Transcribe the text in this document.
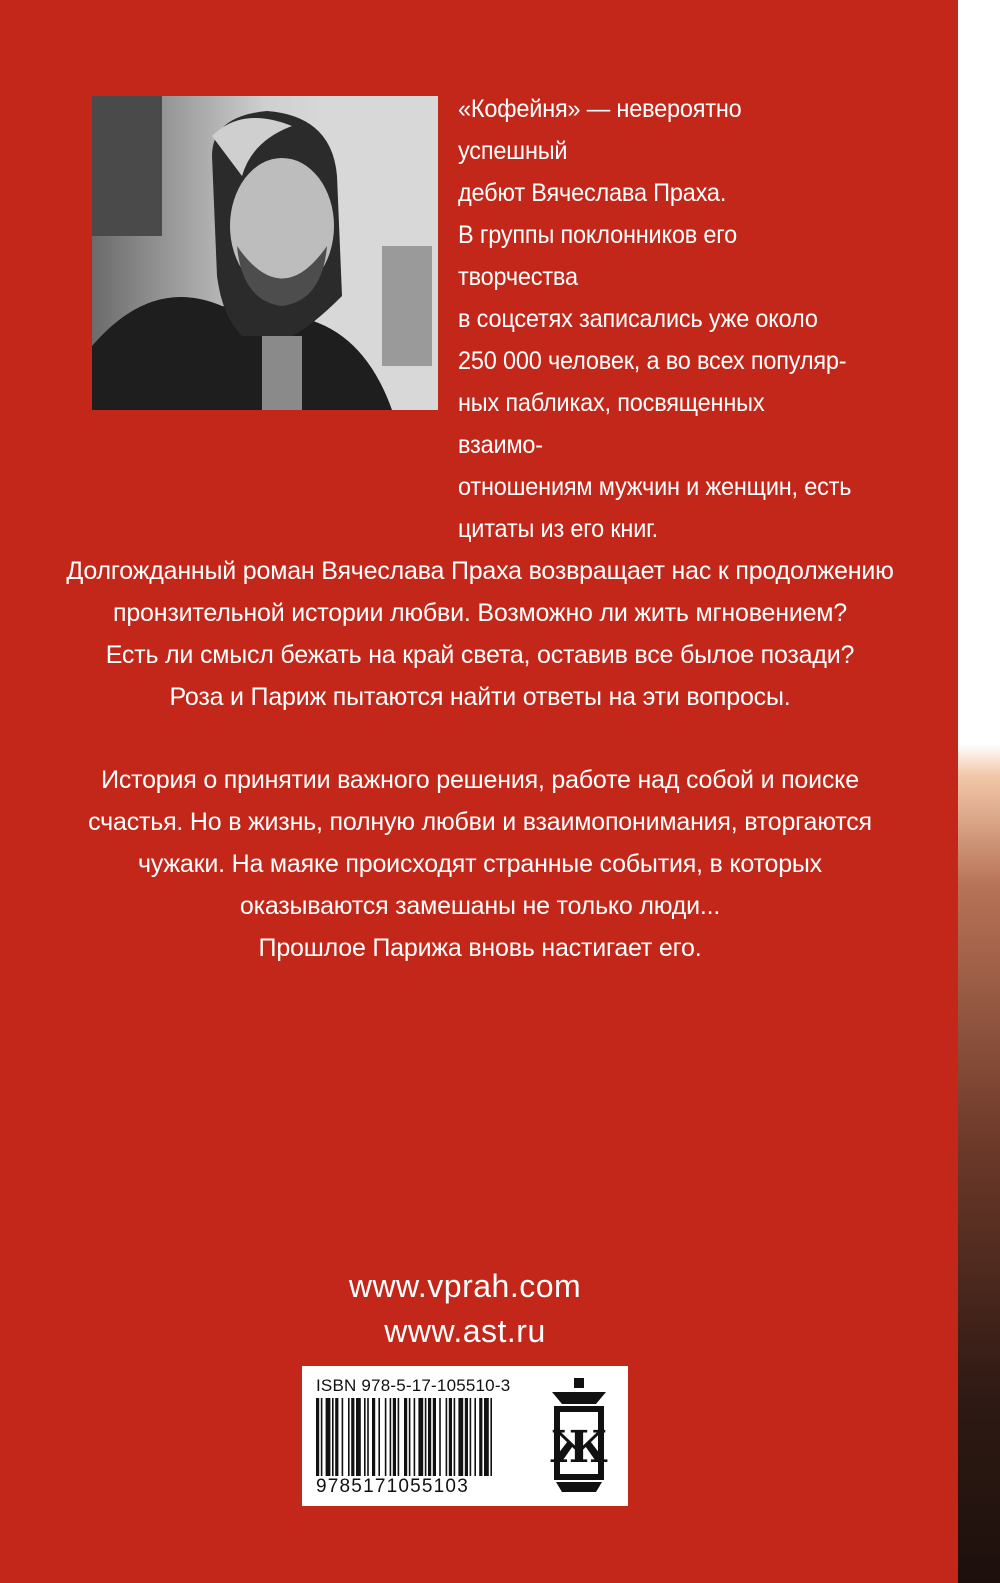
«Кофейня» — невероятно успешный

дебют Вячеслава Праха.

В группы поклонников его творчества

в соцсетях записались уже около

250 000 человек, а во всех популяр-

ных пабликах, посвященных взаимо-

отношениям мужчин и женщин, есть

цитаты из его книг.

Долгожданный роман Вячеслава Праха возвращает нас к продолжению

пронзительной истории любви. Возможно ли жить мгновением?

Есть ли смысл бежать на край света, оставив все былое позади?

Роза и Париж пытаются найти ответы на эти вопросы.

История о принятии важного решения, работе над собой и поиске

счастья. Но в жизнь, полную любви и взаимопонимания, вторгаются

чужаки. На маяке происходят странные события, в которых

оказываются замешаны не только люди...

Прошлое Парижа вновь настигает его.

www.vprah.com
www.ast.ru
ISBN 978-5-17-105510-3
9785171055103
Ж
